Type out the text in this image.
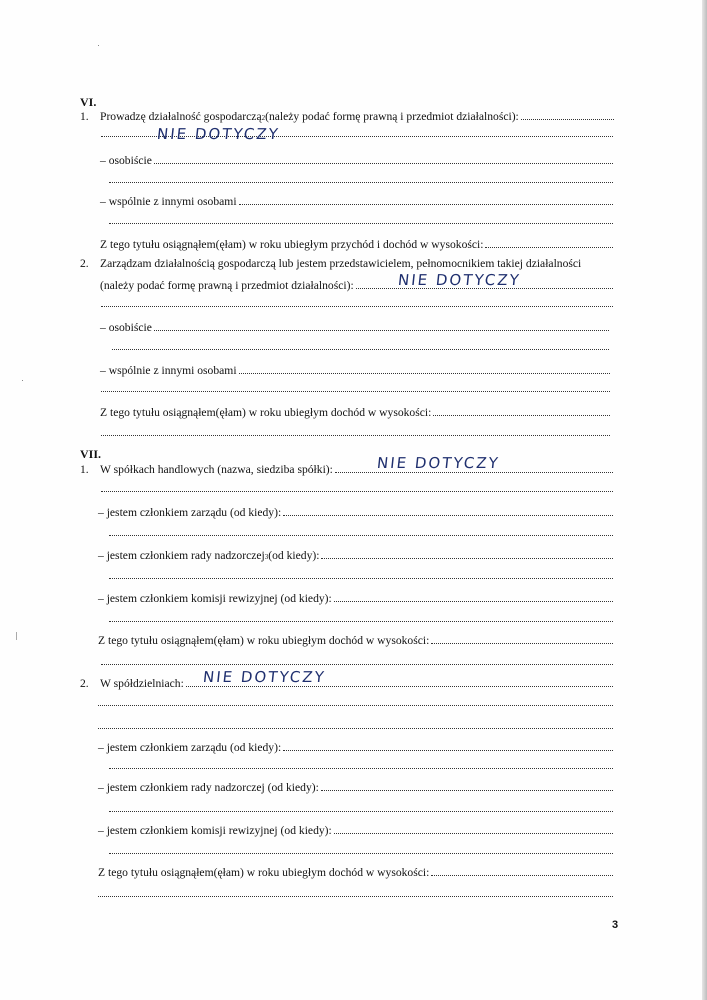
VI.
1. Prowadzę działalność gospodarczą 2 (należy podać formę prawną i przedmiot działalności):
NIE DOTYCZY
– osobiście
– wspólnie z innymi osobami
Z tego tytułu osiągnąłem(ęłam) w roku ubiegłym przychód i dochód w wysokości:
2. Zarządzam działalnością gospodarczą lub jestem przedstawicielem, pełnomocnikiem takiej działalności
(należy podać formę prawną i przedmiot działalności):	NIE DOTYCZY
– osobiście
– wspólnie z innymi osobami
Z tego tytułu osiągnąłem(ęłam) w roku ubiegłym dochód w wysokości:
VII.
1. W spółkach handlowych (nazwa, siedziba spółki):	NIE DOTYCZY
– jestem członkiem zarządu (od kiedy):
– jestem członkiem rady nadzorczej 3 (od kiedy):
– jestem członkiem komisji rewizyjnej (od kiedy):
Z tego tytułu osiągnąłem(ęłam) w roku ubiegłym dochód w wysokości:
2. W spółdzielniach: NIE DOTYCZY
– jestem członkiem zarządu (od kiedy):
– jestem członkiem rady nadzorczej (od kiedy):
– jestem członkiem komisji rewizyjnej (od kiedy):
Z tego tytułu osiągnąłem(ęłam) w roku ubiegłym dochód w wysokości:
3
